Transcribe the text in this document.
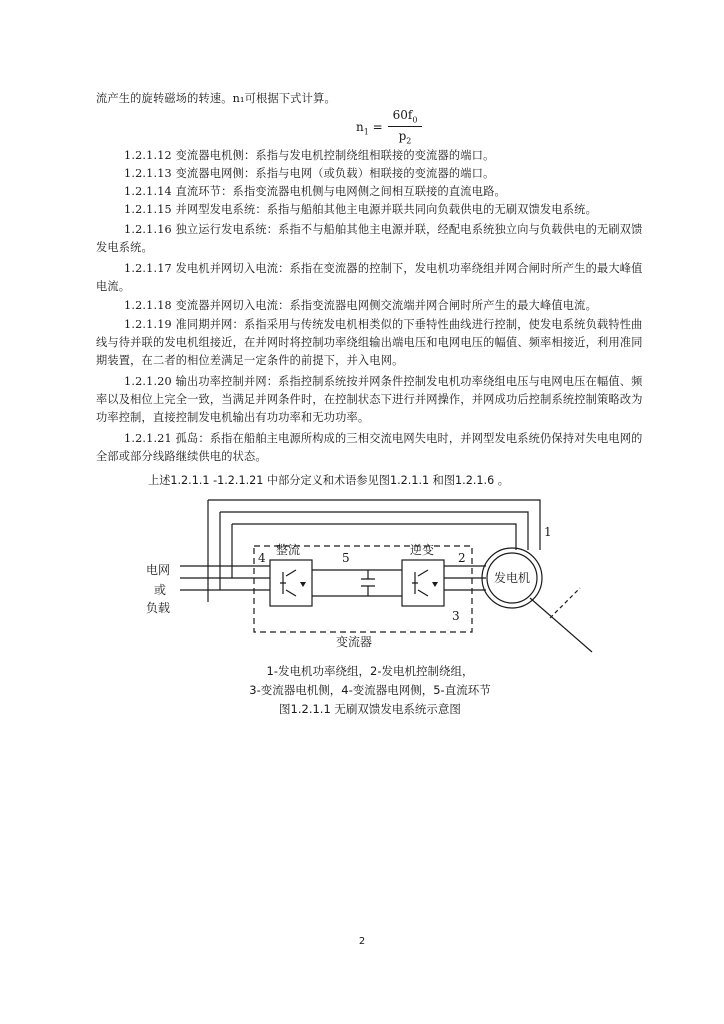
流产生的旋转磁场的转速。n₁可根据下式计算。
$n_1 = \frac{60f_0}{p_2}$
1.2.1.12 变流器电机侧：系指与发电机控制绕组相联接的变流器的端口。
1.2.1.13 变流器电网侧：系指与电网（或负载）相联接的变流器的端口。
1.2.1.14 直流环节：系指变流器电机侧与电网侧之间相互联接的直流电路。
1.2.1.15 并网型发电系统：系指与船舶其他主电源并联共同向负载供电的无刷双馈发电系统。
1.2.1.16 独立运行发电系统：系指不与船舶其他主电源并联，经配电系统独立向与负载供电的无刷双馈发电系统。
1.2.1.17 发电机并网切入电流：系指在变流器的控制下，发电机功率绕组并网合闸时所产生的最大峰值电流。
1.2.1.18 变流器并网切入电流：系指变流器电网侧交流端并网合闸时所产生的最大峰值电流。
1.2.1.19 准同期并网：系指采用与传统发电机相类似的下垂特性曲线进行控制，使发电系统负载特性曲线与待并联的发电机组接近，在并网时将控制功率绕组输出端电压和电网电压的幅值、频率相接近，利用准同期装置，在二者的相位差满足一定条件的前提下，并入电网。
1.2.1.20 输出功率控制并网：系指控制系统按并网条件控制发电机功率绕组电压与电网电压在幅值、频率以及相位上完全一致，当满足并网条件时，在控制状态下进行并网操作，并网成功后控制系统控制策略改为功率控制，直接控制发电机输出有功功率和无功功率。
1.2.1.21 孤岛：系指在船舶主电源所构成的三相交流电网失电时，并网型发电系统仍保持对失电电网的全部或部分线路继续供电的状态。
上述1.2.1.1 -1.2.1.21 中部分定义和术语参见图1.2.1.1 和图1.2.1.6 。
电网
或
负载
整流	逆变
变流器
发电机
1
2
3
4	5
1-发电机功率绕组，2-发电机控制绕组，
3-变流器电机侧，4-变流器电网侧，5-直流环节
图1.2.1.1 无刷双馈发电系统示意图
2
